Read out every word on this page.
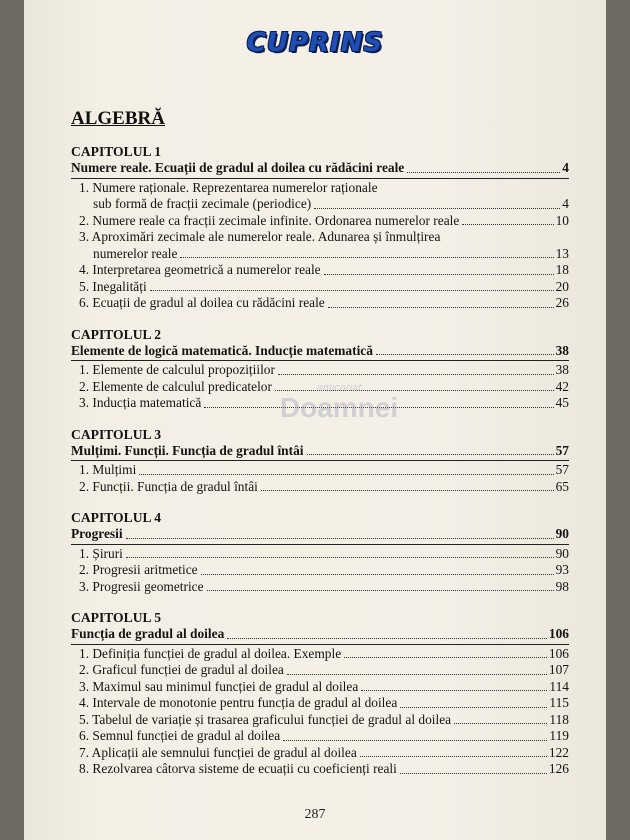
CUPRINS
ALGEBRĂ
CAPITOLUL 1
Numere reale. Ecuații de gradul al doilea cu rădăcini reale	4
1. Numere raționale. Reprezentarea numerelor raționale
sub formă de fracții zecimale (periodice)	4
2. Numere reale ca fracții zecimale infinite. Ordonarea numerelor reale	10
3. Aproximări zecimale ale numerelor reale. Adunarea și înmulțirea
numerelor reale	13
4. Interpretarea geometrică a numerelor reale	18
5. Inegalități	20
6. Ecuații de gradul al doilea cu rădăcini reale	26
CAPITOLUL 2
Elemente de logică matematică. Inducție matematică	38
1. Elemente de calculul propozițiilor	38
2. Elemente de calculul predicatelor	42
3. Inducția matematică	45
CAPITOLUL 3
Mulțimi. Funcții. Funcția de gradul întâi	57
1. Mulțimi	57
2. Funcții. Funcția de gradul întâi	65
CAPITOLUL 4
Progresii	90
1. Șiruri	90
2. Progresii aritmetice	93
3. Progresii geometrice	98
CAPITOLUL 5
Funcția de gradul al doilea	106
1. Definiția funcției de gradul al doilea. Exemple	106
2. Graficul funcției de gradul al doilea	107
3. Maximul sau minimul funcției de gradul al doilea	114
4. Intervale de monotonie pentru funcția de gradul al doilea	115
5. Tabelul de variație și trasarea graficului funcției de gradul al doilea	118
6. Semnul funcției de gradul al doilea	119
7. Aplicații ale semnului funcției de gradul al doilea	122
8. Rezolvarea câtorva sisteme de ecuații cu coeficienți reali	126
anticariat
Doamnei
287
